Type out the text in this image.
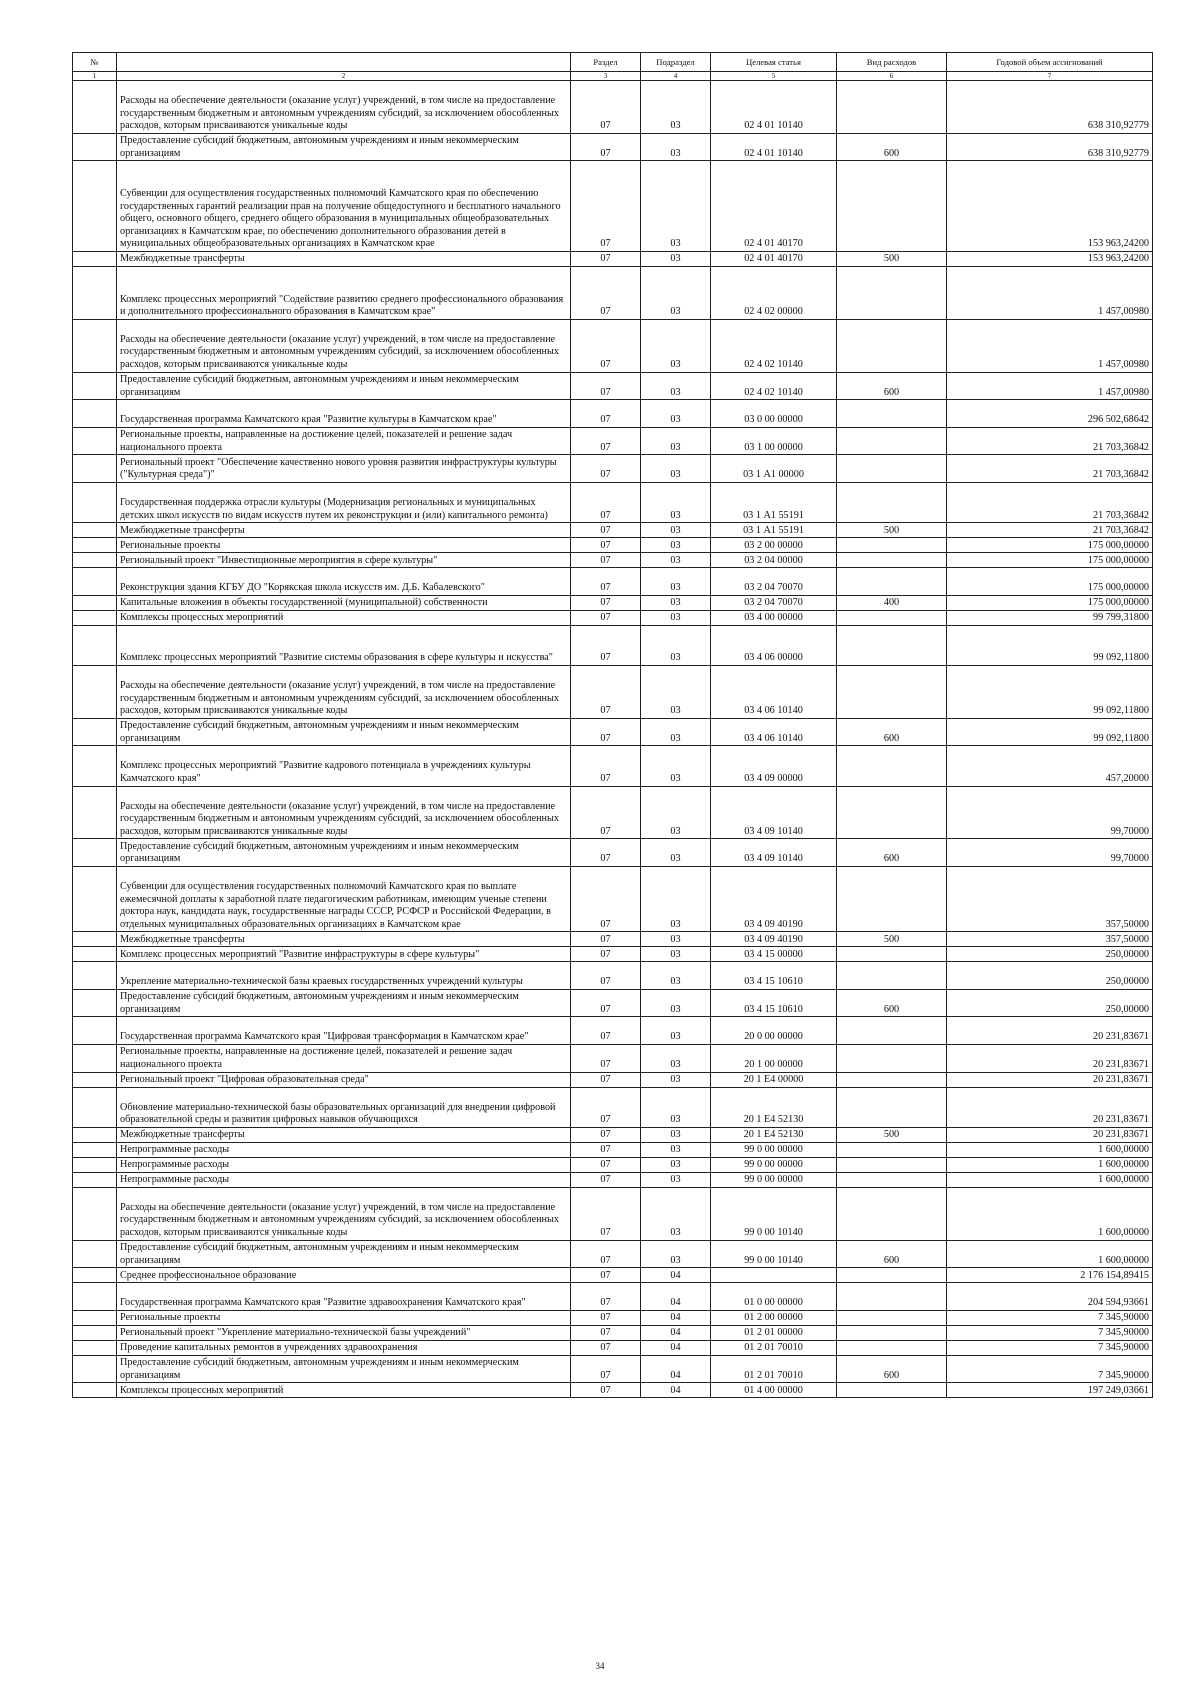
№		Раздел	Подраздел	Целевая статья	Вид расходов	Годовой объем ассигнований
1	2	3	4	5	6	7
	Расходы на обеспечение деятельности (оказание услуг) учреждений, в том числе на предоставление государственным бюджетным и автономным учреждениям субсидий, за исключением обособленных расходов, которым присваиваются уникальные коды	07	03	02 4 01 10140		638 310,92779
	Предоставление субсидий бюджетным, автономным учреждениям и иным некоммерческим организациям	07	03	02 4 01 10140	600	638 310,92779
	Субвенции для осуществления государственных полномочий Камчатского края по обеспечению государственных гарантий реализации прав на получение общедоступного и бесплатного начального общего, основного общего, среднего общего образования в муниципальных общеобразовательных организациях в Камчатском крае, по обеспечению дополнительного образования детей в муниципальных общеобразовательных организациях в Камчатском крае	07	03	02 4 01 40170		153 963,24200
	Межбюджетные трансферты	07	03	02 4 01 40170	500	153 963,24200
	Комплекс процессных мероприятий "Содействие развитию среднего профессионального образования и дополнительного профессионального образования в Камчатском крае"	07	03	02 4 02 00000		1 457,00980
	Расходы на обеспечение деятельности (оказание услуг) учреждений, в том числе на предоставление государственным бюджетным и автономным учреждениям субсидий, за исключением обособленных расходов, которым присваиваются уникальные коды	07	03	02 4 02 10140		1 457,00980
	Предоставление субсидий бюджетным, автономным учреждениям и иным некоммерческим организациям	07	03	02 4 02 10140	600	1 457,00980
	Государственная программа Камчатского края "Развитие культуры в Камчатском крае"	07	03	03 0 00 00000		296 502,68642
	Региональные проекты, направленные на достижение целей, показателей и решение задач национального проекта	07	03	03 1 00 00000		21 703,36842
	Региональный проект "Обеспечение качественно нового уровня развития инфраструктуры культуры ("Культурная среда")"	07	03	03 1 А1 00000		21 703,36842
	Государственная поддержка отрасли культуры (Модернизация региональных и муниципальных детских школ искусств по видам искусств путем их реконструкции и (или) капитального ремонта)	07	03	03 1 А1 55191		21 703,36842
	Межбюджетные трансферты	07	03	03 1 А1 55191	500	21 703,36842
	Региональные проекты	07	03	03 2 00 00000		175 000,00000
	Региональный проект "Инвестиционные мероприятия в сфере культуры"	07	03	03 2 04 00000		175 000,00000
	Реконструкция здания КГБУ ДО "Корякская школа искусств им. Д.Б. Кабалевского"	07	03	03 2 04 70070		175 000,00000
	Капитальные вложения в объекты государственной (муниципальной) собственности	07	03	03 2 04 70070	400	175 000,00000
	Комплексы процессных мероприятий	07	03	03 4 00 00000		99 799,31800
	Комплекс процессных мероприятий "Развитие системы образования в сфере культуры и искусства"	07	03	03 4 06 00000		99 092,11800
	Расходы на обеспечение деятельности (оказание услуг) учреждений, в том числе на предоставление государственным бюджетным и автономным учреждениям субсидий, за исключением обособленных расходов, которым присваиваются уникальные коды	07	03	03 4 06 10140		99 092,11800
	Предоставление субсидий бюджетным, автономным учреждениям и иным некоммерческим организациям	07	03	03 4 06 10140	600	99 092,11800
	Комплекс процессных мероприятий "Развитие кадрового потенциала в учреждениях культуры Камчатского края"	07	03	03 4 09 00000		457,20000
	Расходы на обеспечение деятельности (оказание услуг) учреждений, в том числе на предоставление государственным бюджетным и автономным учреждениям субсидий, за исключением обособленных расходов, которым присваиваются уникальные коды	07	03	03 4 09 10140		99,70000
	Предоставление субсидий бюджетным, автономным учреждениям и иным некоммерческим организациям	07	03	03 4 09 10140	600	99,70000
	Субвенции для осуществления государственных полномочий Камчатского края по выплате ежемесячной доплаты к заработной плате педагогическим работникам, имеющим ученые степени доктора наук, кандидата наук, государственные награды СССР, РСФСР и Российской Федерации, в отдельных муниципальных образовательных организациях в Камчатском крае	07	03	03 4 09 40190		357,50000
	Межбюджетные трансферты	07	03	03 4 09 40190	500	357,50000
	Комплекс процессных мероприятий "Развитие инфраструктуры в сфере культуры"	07	03	03 4 15 00000		250,00000
	Укрепление материально-технической базы краевых государственных учреждений культуры	07	03	03 4 15 10610		250,00000
	Предоставление субсидий бюджетным, автономным учреждениям и иным некоммерческим организациям	07	03	03 4 15 10610	600	250,00000
	Государственная программа Камчатского края "Цифровая трансформация в Камчатском крае"	07	03	20 0 00 00000		20 231,83671
	Региональные проекты, направленные на достижение целей, показателей и решение задач национального проекта	07	03	20 1 00 00000		20 231,83671
	Региональный проект "Цифровая образовательная среда"	07	03	20 1 Е4 00000		20 231,83671
	Обновление материально-технической базы образовательных организаций для внедрения цифровой образовательной среды и развития цифровых навыков обучающихся	07	03	20 1 Е4 52130		20 231,83671
	Межбюджетные трансферты	07	03	20 1 Е4 52130	500	20 231,83671
	Непрограммные расходы	07	03	99 0 00 00000		1 600,00000
	Непрограммные расходы	07	03	99 0 00 00000		1 600,00000
	Непрограммные расходы	07	03	99 0 00 00000		1 600,00000
	Расходы на обеспечение деятельности (оказание услуг) учреждений, в том числе на предоставление государственным бюджетным и автономным учреждениям субсидий, за исключением обособленных расходов, которым присваиваются уникальные коды	07	03	99 0 00 10140		1 600,00000
	Предоставление субсидий бюджетным, автономным учреждениям и иным некоммерческим организациям	07	03	99 0 00 10140	600	1 600,00000
	Среднее профессиональное образование	07	04			2 176 154,89415
	Государственная программа Камчатского края "Развитие здравоохранения Камчатского края"	07	04	01 0 00 00000		204 594,93661
	Региональные проекты	07	04	01 2 00 00000		7 345,90000
	Региональный проект "Укрепление материально-технической базы учреждений"	07	04	01 2 01 00000		7 345,90000
	Проведение капитальных ремонтов в учреждениях здравоохранения	07	04	01 2 01 70010		7 345,90000
	Предоставление субсидий бюджетным, автономным учреждениям и иным некоммерческим организациям	07	04	01 2 01 70010	600	7 345,90000
	Комплексы процессных мероприятий	07	04	01 4 00 00000		197 249,03661
34
